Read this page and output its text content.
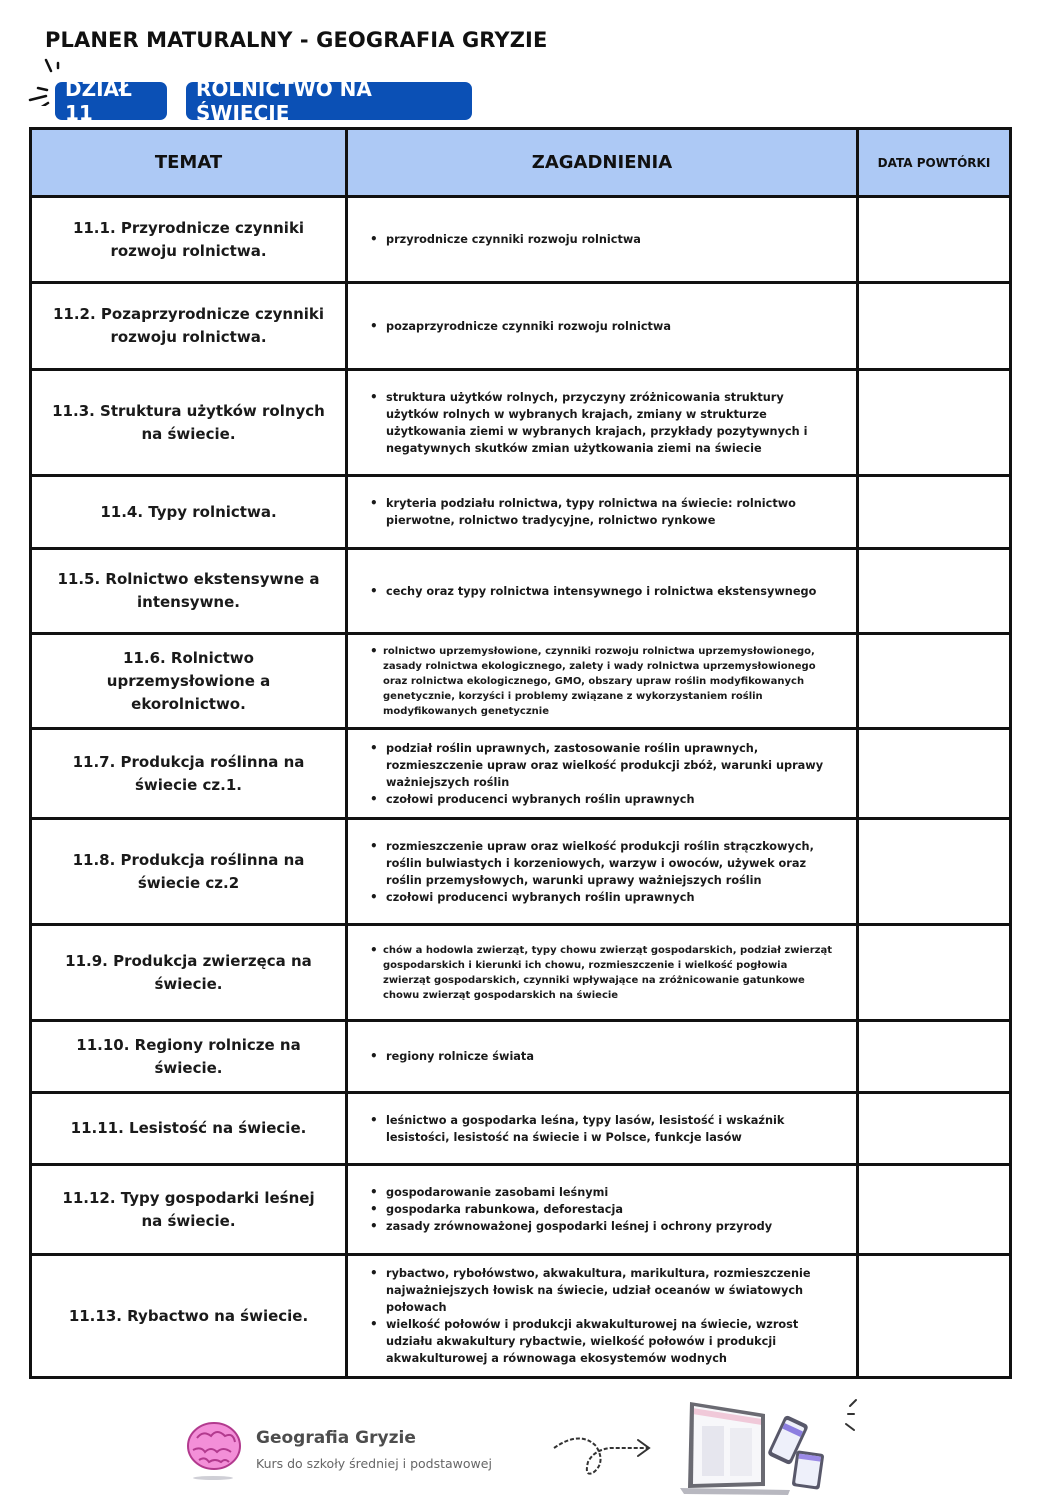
PLANER MATURALNY - GEOGRAFIA GRYZIE
DZIAŁ 11
ROLNICTWO NA ŚWIECIE
TEMAT	ZAGADNIENIA	DATA POWTÓRKI
11.1. Przyrodnicze czynniki rozwoju rolnictwa.	
• przyrodnicze czynniki rozwoju rolnictwa

11.2. Pozaprzyrodnicze czynniki rozwoju rolnictwa.	
• pozaprzyrodnicze czynniki rozwoju rolnictwa

11.3. Struktura użytków rolnych na świecie.	
• struktura użytków rolnych, przyczyny zróżnicowania struktury użytków rolnych w wybranych krajach, zmiany w strukturze użytkowania ziemi w wybranych krajach, przykłady pozytywnych i negatywnych skutków zmian użytkowania ziemi na świecie

11.4. Typy rolnictwa.	
•kryteria podziału rolnictwa, typy rolnictwa na świecie: rolnictwo pierwotne, rolnictwo tradycyjne, rolnictwo rynkowe

11.5. Rolnictwo ekstensywne a intensywne.	
• cechy oraz typy rolnictwa intensywnego i rolnictwa ekstensywnego

11.6. Rolnictwo uprzemysłowione a ekorolnictwo.	
• rolnictwo uprzemysłowione, czynniki rozwoju rolnictwa uprzemysłowionego, zasady rolnictwa ekologicznego, zalety i wady rolnictwa uprzemysłowionego oraz rolnictwa ekologicznego, GMO, obszary upraw roślin modyfikowanych genetycznie, korzyści i problemy związane z wykorzystaniem roślin modyfikowanych genetycznie

11.7. Produkcja roślinna na świecie cz.1.	
• podział roślin uprawnych, zastosowanie roślin uprawnych, rozmieszczenie upraw oraz wielkość produkcji zbóż, warunki uprawy ważniejszych roślin
• czołowi producenci wybranych roślin uprawnych

11.8. Produkcja roślinna na świecie cz.2	
• rozmieszczenie upraw oraz wielkość produkcji roślin strączkowych, roślin bulwiastych i korzeniowych, warzyw i owoców, używek oraz roślin przemysłowych, warunki uprawy ważniejszych roślin
• czołowi producenci wybranych roślin uprawnych

11.9. Produkcja zwierzęca na świecie.	
• chów a hodowla zwierząt, typy chowu zwierząt gospodarskich, podział zwierząt gospodarskich i kierunki ich chowu, rozmieszczenie i wielkość pogłowia zwierząt gospodarskich, czynniki wpływające na zróżnicowanie gatunkowe chowu zwierząt gospodarskich na świecie

11.10. Regiony rolnicze na świecie.	
• regiony rolnicze świata

11.11. Lesistość na świecie.	
•leśnictwo a gospodarka leśna, typy lasów, lesistość i wskaźnik lesistości, lesistość na świecie i w Polsce, funkcje lasów

11.12. Typy gospodarki leśnej na świecie.	
• gospodarowanie zasobami leśnymi
• gospodarka rabunkowa, deforestacja
• zasady zrównoważonej gospodarki leśnej i ochrony przyrody

11.13. Rybactwo na świecie.	
• rybactwo, rybołówstwo, akwakultura, marikultura, rozmieszczenie najważniejszych łowisk na świecie, udział oceanów w światowych połowach
• wielkość połowów i produkcji akwakulturowej na świecie, wzrost udziału akwakultury rybactwie, wielkość połowów i produkcji akwakulturowej a równowaga ekosystemów wodnych

Geografia Gryzie
Kurs do szkoły średniej i podstawowej
